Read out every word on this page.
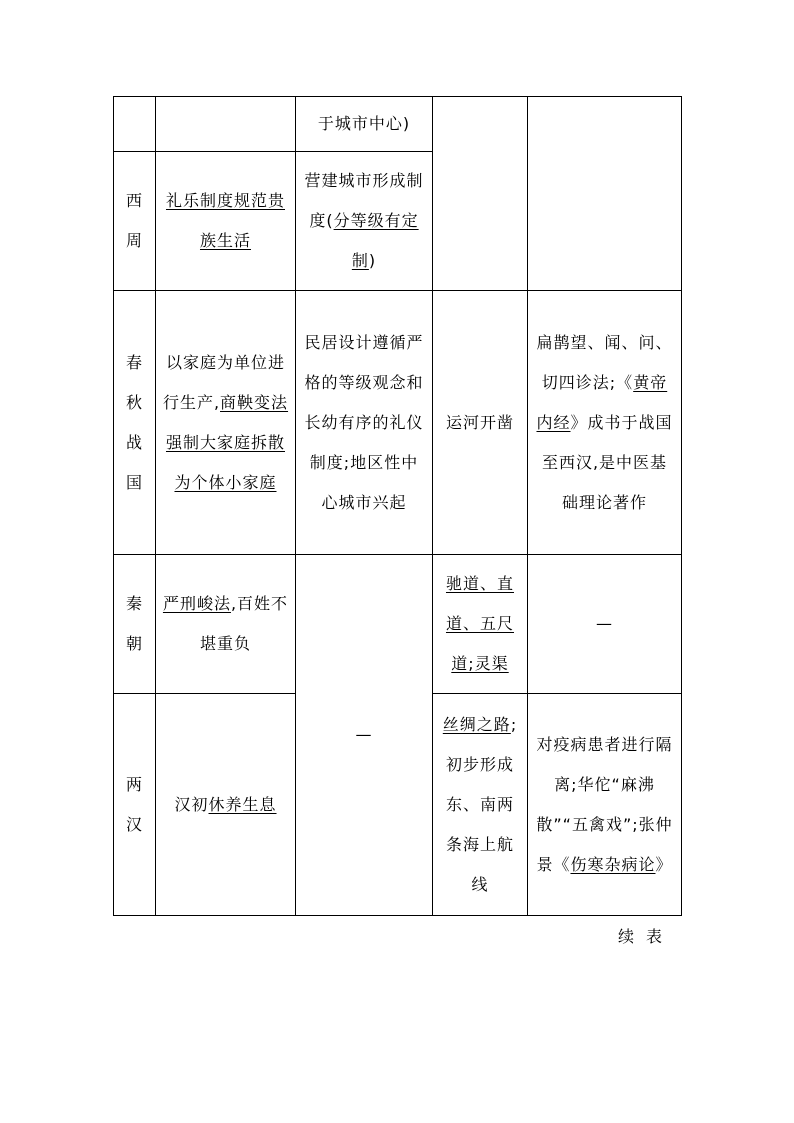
		于城市中心)		
西周	礼乐制度规范贵族生活	营建城市形成制度(分等级有定制)		
春秋战国	以家庭为单位进行生产,商鞅变法强制大家庭拆散为个体小家庭	民居设计遵循严格的等级观念和长幼有序的礼仪制度;地区性中心城市兴起	运河开凿	扁鹊望、闻、问、切四诊法;《黄帝内经》成书于战国至西汉,是中医基础理论著作
秦朝	严刑峻法,百姓不堪重负	—	驰道、直道、五尺道;灵渠	—
两汉	汉初休养生息		丝绸之路;初步形成东、南两条海上航线	对疫病患者进行隔离;华佗“麻沸散”“五禽戏”;张仲景《伤寒杂病论》
续表
